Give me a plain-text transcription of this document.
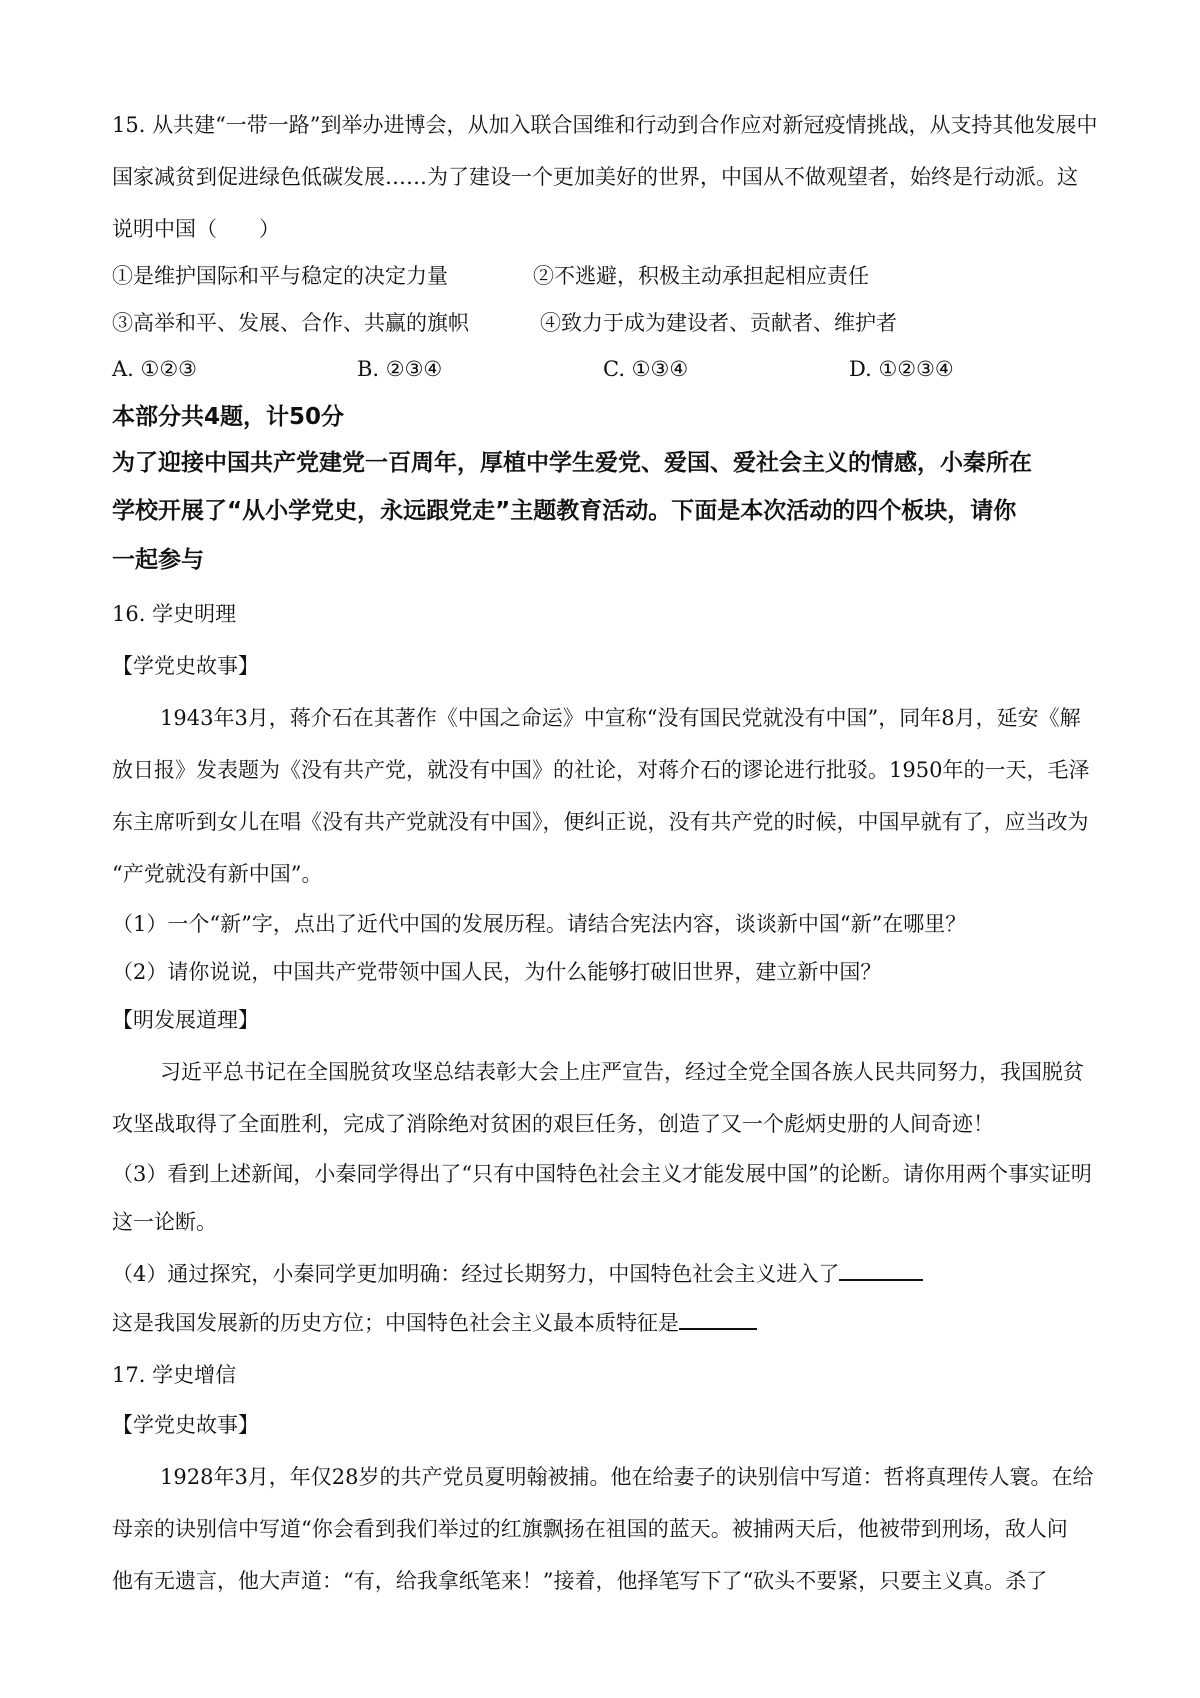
15. 从共建“一带一路”到举办进博会，从加入联合国维和行动到合作应对新冠疫情挑战，从支持其他发展中
国家减贫到促进绿色低碳发展……为了建设一个更加美好的世界，中国从不做观望者，始终是行动派。这
说明中国（　　）
①是维护国际和平与稳定的决定力量	②不逃避，积极主动承担起相应责任
③高举和平、发展、合作、共赢的旗帜	④致力于成为建设者、贡献者、维护者
A. ①②③	B. ②③④	C. ①③④	D. ①②③④
本部分共4题，计50分
为了迎接中国共产党建党一百周年，厚植中学生爱党、爱国、爱社会主义的情感，小秦所在
学校开展了“从小学党史，永远跟党走”主题教育活动。下面是本次活动的四个板块，请你
一起参与
16. 学史明理
【学党史故事】
1943年3月，蒋介石在其著作《中国之命运》中宣称“没有国民党就没有中国”，同年8月，延安《解
放日报》发表题为《没有共产党，就没有中国》的社论，对蒋介石的谬论进行批驳。1950年的一天，毛泽
东主席听到女儿在唱《没有共产党就没有中国》，便纠正说，没有共产党的时候，中国早就有了，应当改为
“产党就没有新中国”。
（1）一个“新”字，点出了近代中国的发展历程。请结合宪法内容，谈谈新中国“新”在哪里？
（2）请你说说，中国共产党带领中国人民，为什么能够打破旧世界，建立新中国？
【明发展道理】
习近平总书记在全国脱贫攻坚总结表彰大会上庄严宣告，经过全党全国各族人民共同努力，我国脱贫
攻坚战取得了全面胜利，完成了消除绝对贫困的艰巨任务，创造了又一个彪炳史册的人间奇迹！
（3）看到上述新闻，小秦同学得出了“只有中国特色社会主义才能发展中国”的论断。请你用两个事实证明
这一论断。
（4）通过探究，小秦同学更加明确：经过长期努力，中国特色社会主义进入了
这是我国发展新的历史方位；中国特色社会主义最本质特征是
17. 学史增信
【学党史故事】
1928年3月，年仅28岁的共产党员夏明翰被捕。他在给妻子的诀别信中写道：哲将真理传人寰。在给
母亲的诀别信中写道“你会看到我们举过的红旗飘扬在祖国的蓝天。被捕两天后，他被带到刑场，敌人问
他有无遗言，他大声道：“有，给我拿纸笔来！”接着，他择笔写下了“砍头不要紧，只要主义真。杀了
